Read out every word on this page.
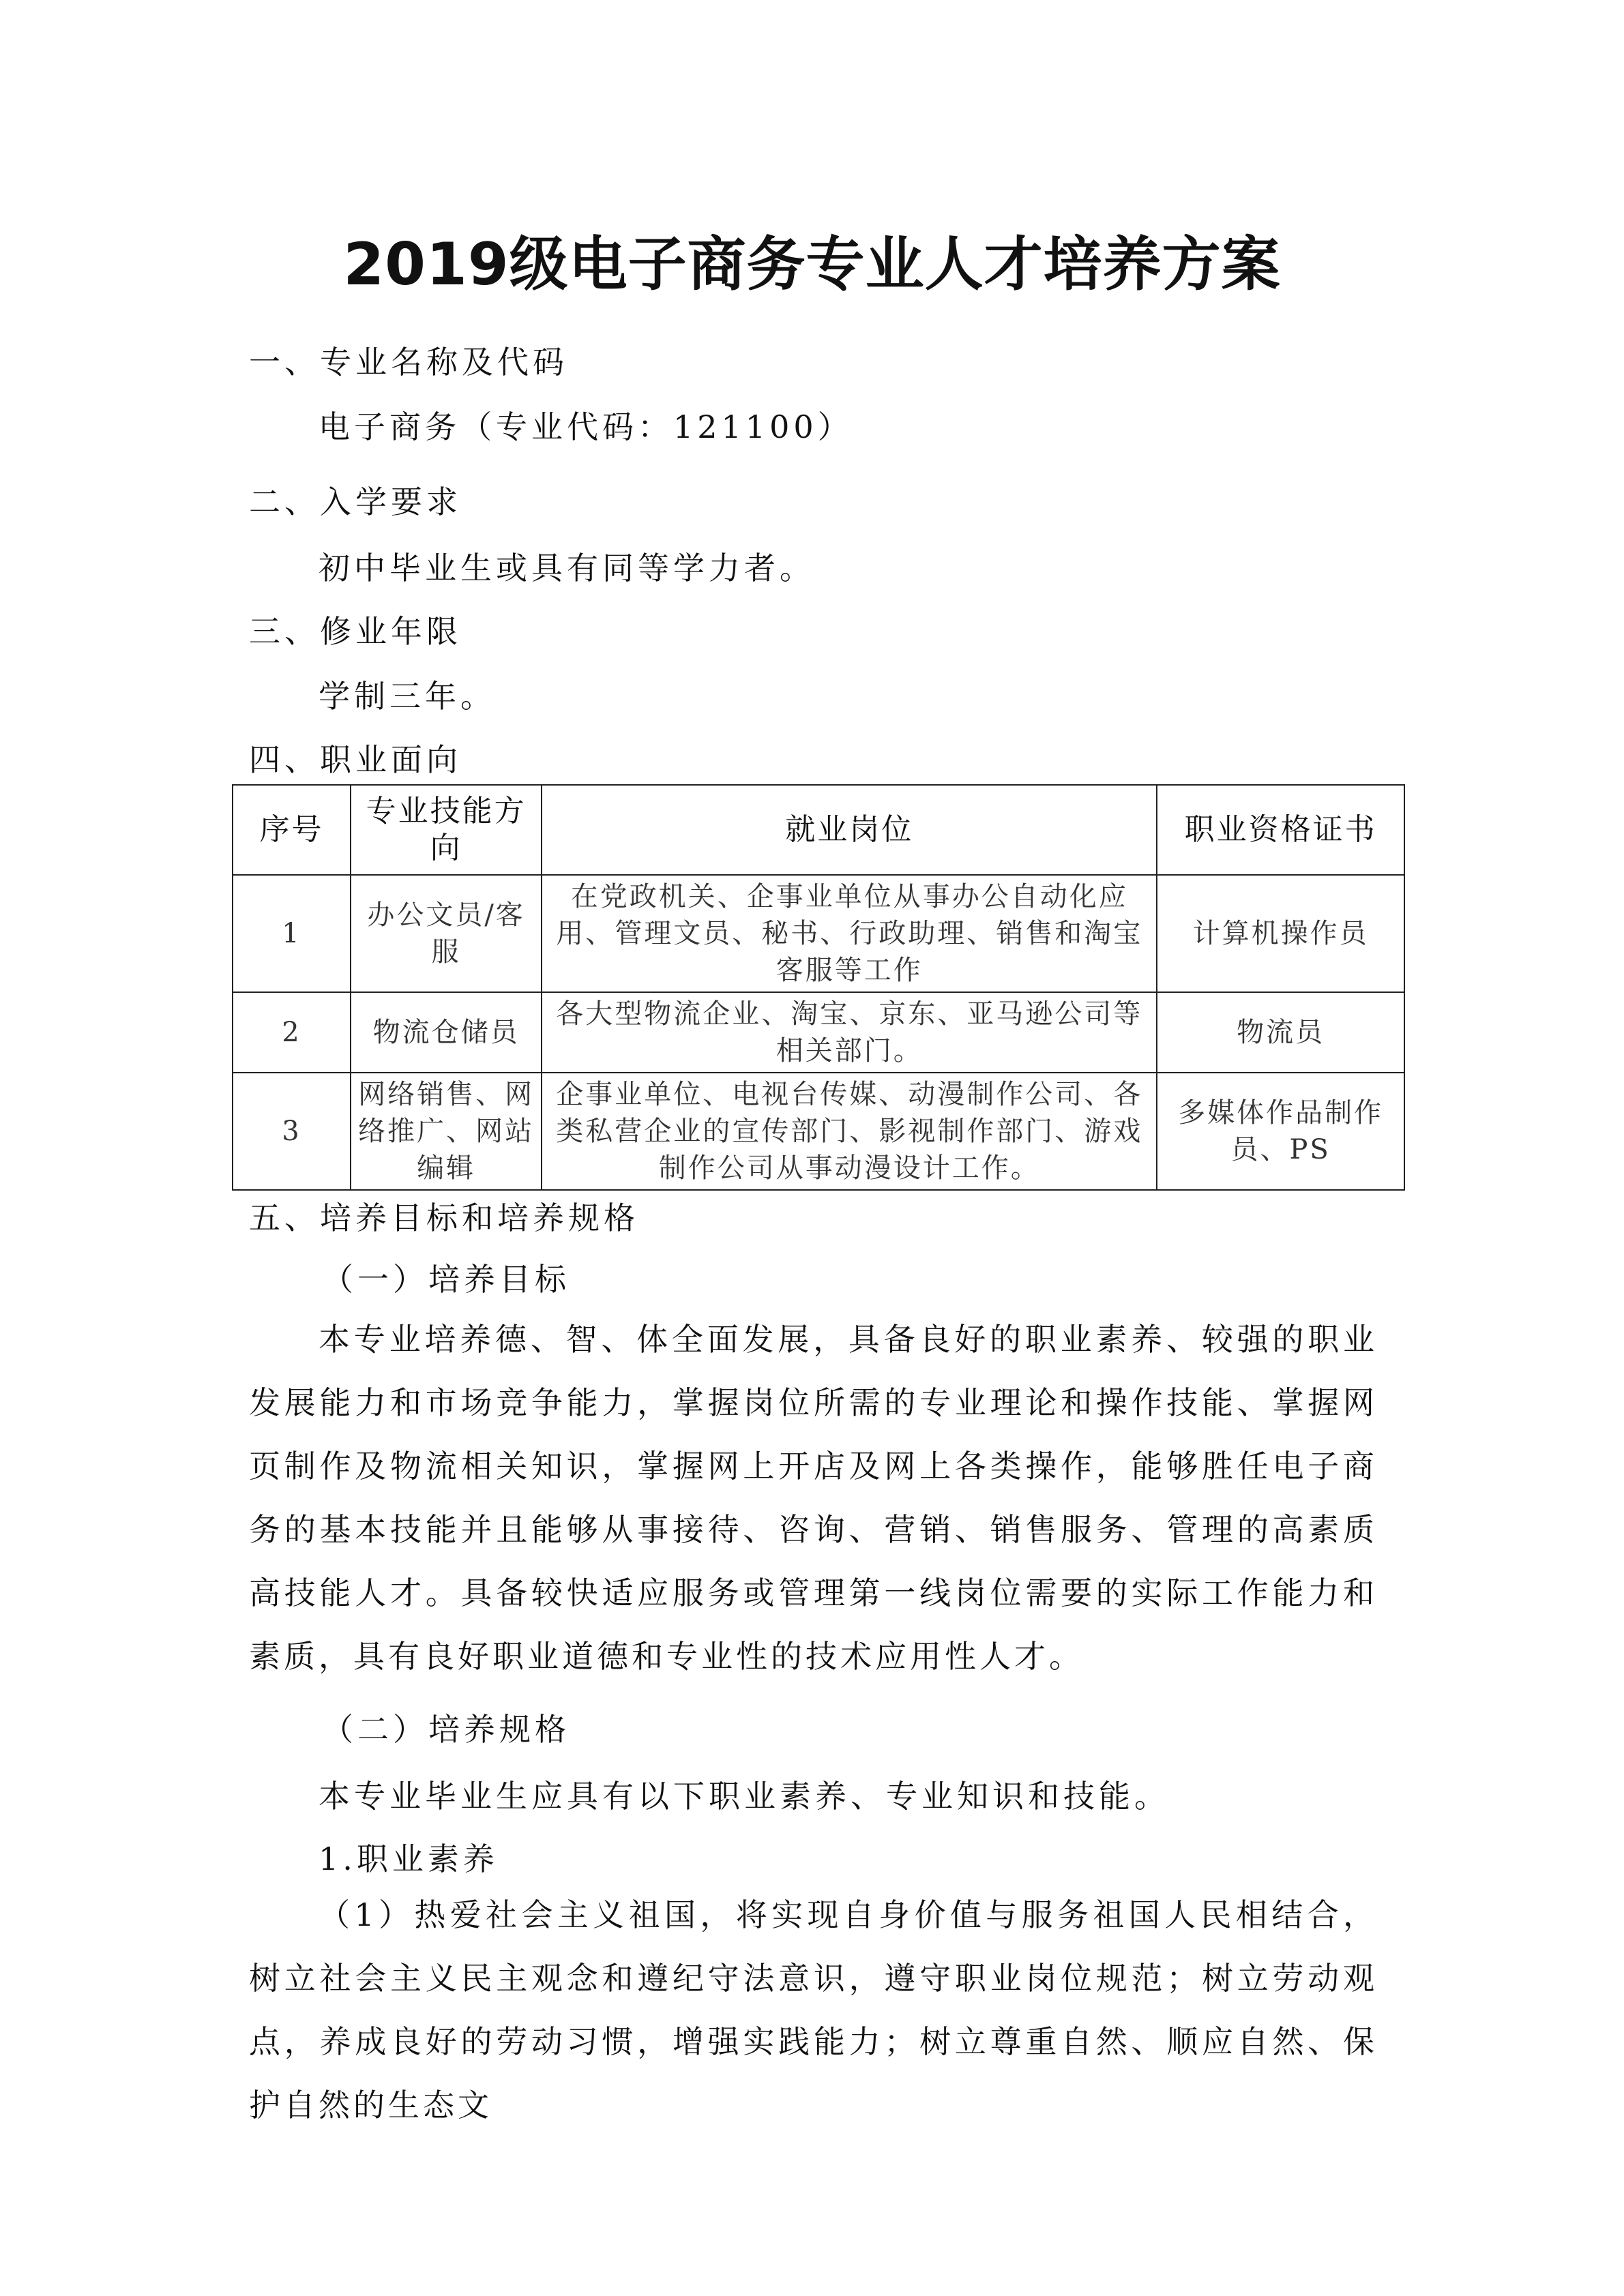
2019级电子商务专业人才培养方案
一、专业名称及代码
电子商务（专业代码：121100）
二、入学要求
初中毕业生或具有同等学力者。
三、修业年限
学制三年。
四、职业面向
序号	专业技能方向	就业岗位	职业资格证书
1	办公文员/客服	在党政机关、企事业单位从事办公自动化应用、管理文员、秘书、行政助理、销售和淘宝客服等工作	计算机操作员
2	物流仓储员	各大型物流企业、淘宝、京东、亚马逊公司等相关部门。	物流员
3	网络销售、网络推广、网站编辑	企事业单位、电视台传媒、动漫制作公司、各类私营企业的宣传部门、影视制作部门、游戏制作公司从事动漫设计工作。	多媒体作品制作员、PS
五、培养目标和培养规格
（一）培养目标

本专业培养德、智、体全面发展，具备良好的职业素养、较强的职业发展能力和市场竞争能力，掌握岗位所需的专业理论和操作技能、掌握网页制作及物流相关知识，掌握网上开店及网上各类操作，能够胜任电子商务的基本技能并且能够从事接待、咨询、营销、销售服务、管理的高素质高技能人才。具备较快适应服务或管理第一线岗位需要的实际工作能力和素质，具有良好职业道德和专业性的技术应用性人才。

（二）培养规格
本专业毕业生应具有以下职业素养、专业知识和技能。
1.职业素养

（1）热爱社会主义祖国，将实现自身价值与服务祖国人民相结合，树立社会主义民主观念和遵纪守法意识，遵守职业岗位规范；树立劳动观点，养成良好的劳动习惯，增强实践能力；树立尊重自然、顺应自然、保护自然的生态文
